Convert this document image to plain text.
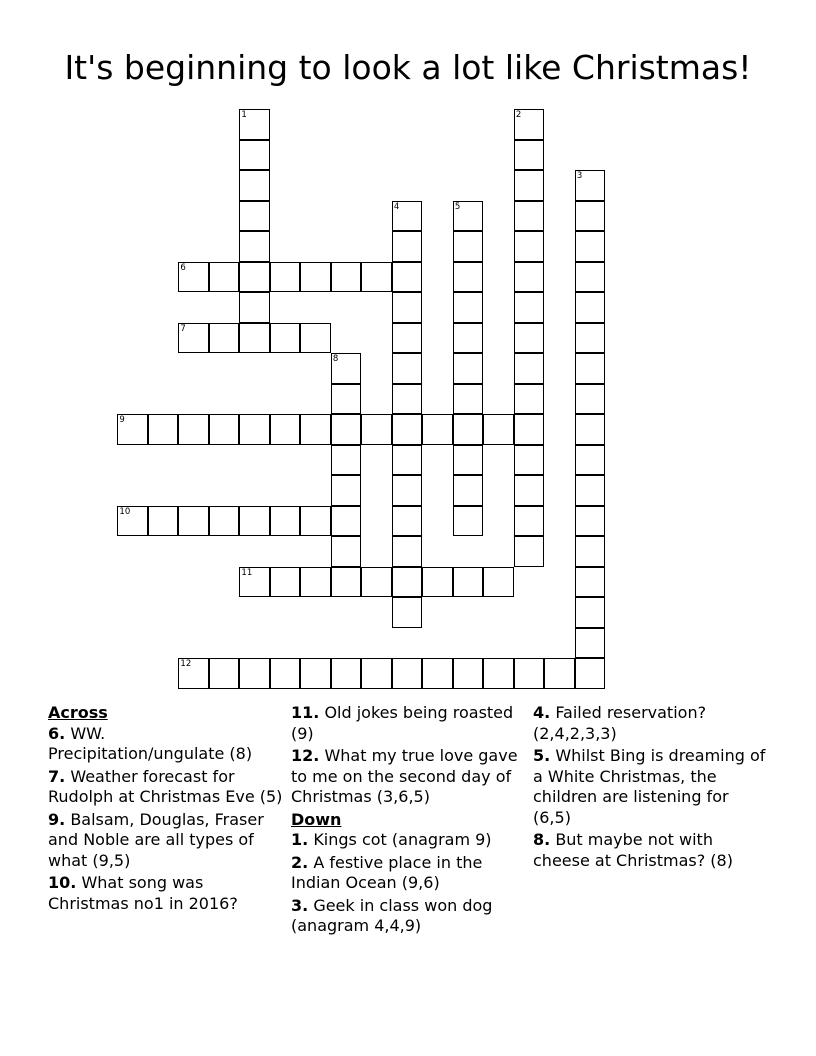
It's beginning to look a lot like Christmas!
1	2
3
4	5
6
7
8
9
10
11
12
Across
6. WW. Precipitation/ungulate (8)
7. Weather forecast for Rudolph at Christmas Eve (5)
9. Balsam, Douglas, Fraser and Noble are all types of what (9,5)
10. What song was Christmas no1 in 2016?
11. Old jokes being roasted (9)
12. What my true love gave to me on the second day of Christmas (3,6,5)
Down
1. Kings cot (anagram 9)
2. A festive place in the Indian Ocean (9,6)
3. Geek in class won dog (anagram 4,4,9)
4. Failed reservation? (2,4,2,3,3)
5. Whilst Bing is dreaming of a White Christmas, the children are listening for (6,5)
8. But maybe not with cheese at Christmas? (8)
